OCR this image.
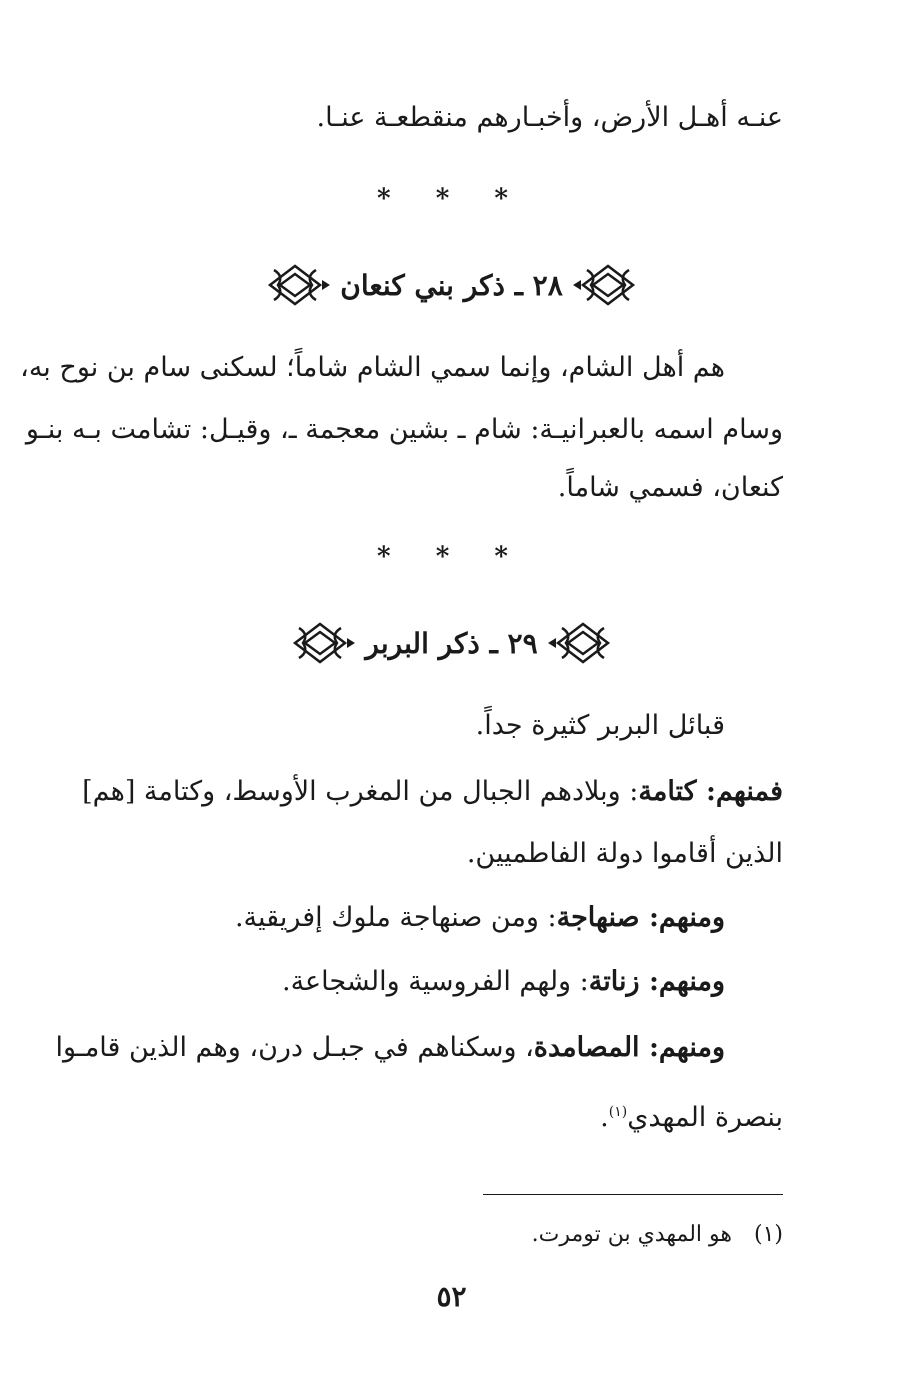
عنـه أهـل الأرض، وأخبـارهم منقطعـة عنـا.
* * *
٢٨ ـ ذكر بني كنعان
هم أهل الشام، وإنما سمي الشام شاماً؛ لسكنى سام بن نوح به،
وسام اسمه بالعبرانيـة: شام ـ بشين معجمة ـ، وقيـل: تشامت بـه بنـو
كنعان، فسمي شاماً.
* * *
٢٩ ـ ذكر البربر
قبائل البربر كثيرة جداً.
فمنهم: كتامة: وبلادهم الجبال من المغرب الأوسط، وكتامة [هم]
الذين أقاموا دولة الفاطميين.
ومنهم: صنهاجة: ومن صنهاجة ملوك إفريقية.
ومنهم: زناتة: ولهم الفروسية والشجاعة.
ومنهم: المصامدة، وسكناهم في جبـل درن، وهم الذين قامـوا
بنصرة المهدي$^{(١)}$.
(١)هو المهدي بن تومرت.
٥٢
